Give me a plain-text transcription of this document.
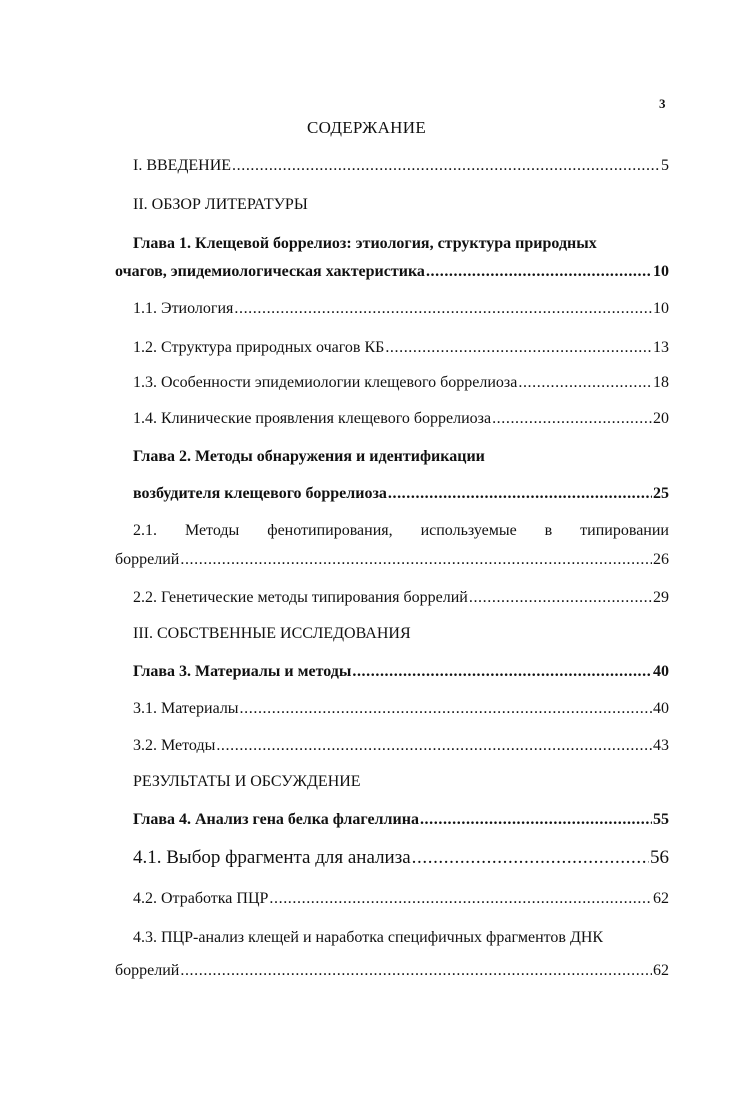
3
СОДЕРЖАНИЕ
I. ВВЕДЕНИЕ .....	5
II. ОБЗОР ЛИТЕРАТУРЫ
Глава 1. Клещевой боррелиоз: этиология, структура природных
очагов, эпидемиологическая хактеристика .....	10
1.1. Этиология .....	10
1.2. Структура природных очагов КБ .....	13
1.3. Особенности эпидемиологии клещевого боррелиоза .....	18
1.4. Клинические проявления клещевого боррелиоза .....	20
Глава 2. Методы обнаружения и идентификации
возбудителя клещевого боррелиоза .....	25
2.1. Методы фенотипирования, используемые в типировании
боррелий .....	26
2.2. Генетические методы типирования боррелий .....	29
III. СОБСТВЕННЫЕ ИССЛЕДОВАНИЯ
Глава 3. Материалы и методы .....	40
3.1. Материалы .....	40
3.2. Методы .....	43
РЕЗУЛЬТАТЫ И ОБСУЖДЕНИЕ
Глава 4. Анализ гена белка флагеллина .....	55
4.1. Выбор фрагмента для анализа .....	56
4.2. Отработка ПЦР .....	62
4.3. ПЦР-анализ клещей и наработка специфичных фрагментов ДНК
боррелий .....	62
